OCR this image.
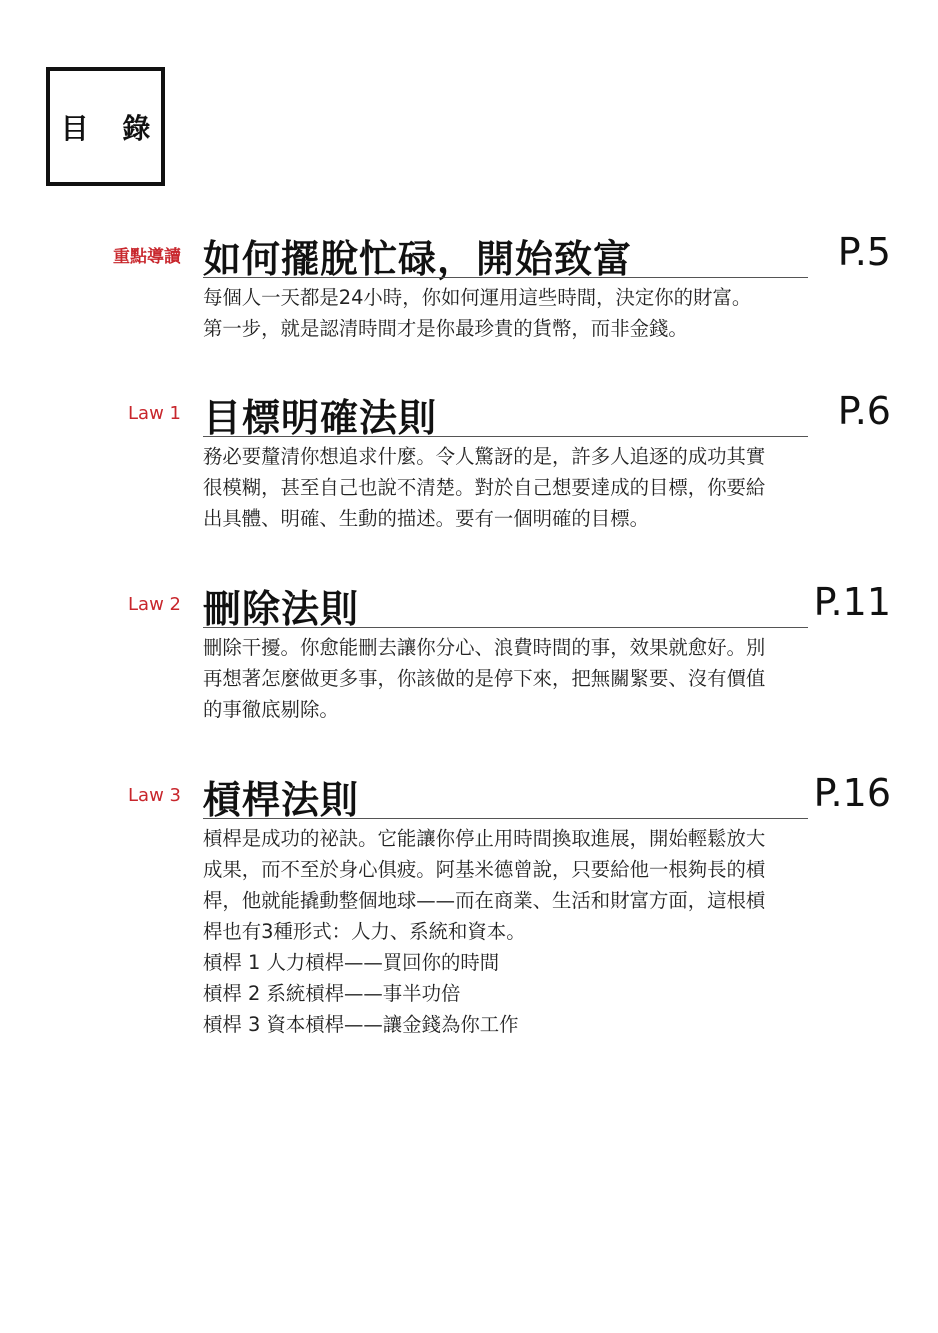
目 錄
重點導讀 如何擺脫忙碌，開始致富	P.5

每個人一天都是24小時，你如何運用這些時間，決定你的財富。

第一步，就是認清時間才是你最珍貴的貨幣，而非金錢。

Law 1 目標明確法則	P.6

務必要釐清你想追求什麼。令人驚訝的是，許多人追逐的成功其實

很模糊，甚至自己也說不清楚。對於自己想要達成的目標，你要給

出具體、明確、生動的描述。要有一個明確的目標。

Law 2 刪除法則	P.11

刪除干擾。你愈能刪去讓你分心、浪費時間的事，效果就愈好。別

再想著怎麼做更多事，你該做的是停下來，把無關緊要、沒有價值

的事徹底剔除。

Law 3 槓桿法則	P.16

槓桿是成功的祕訣。它能讓你停止用時間換取進展，開始輕鬆放大

成果，而不至於身心俱疲。阿基米德曾說，只要給他一根夠長的槓

桿，他就能撬動整個地球——而在商業、生活和財富方面，這根槓

桿也有3種形式：人力、系統和資本。

槓桿 1 人力槓桿——買回你的時間

槓桿 2 系統槓桿——事半功倍

槓桿 3 資本槓桿——讓金錢為你工作
